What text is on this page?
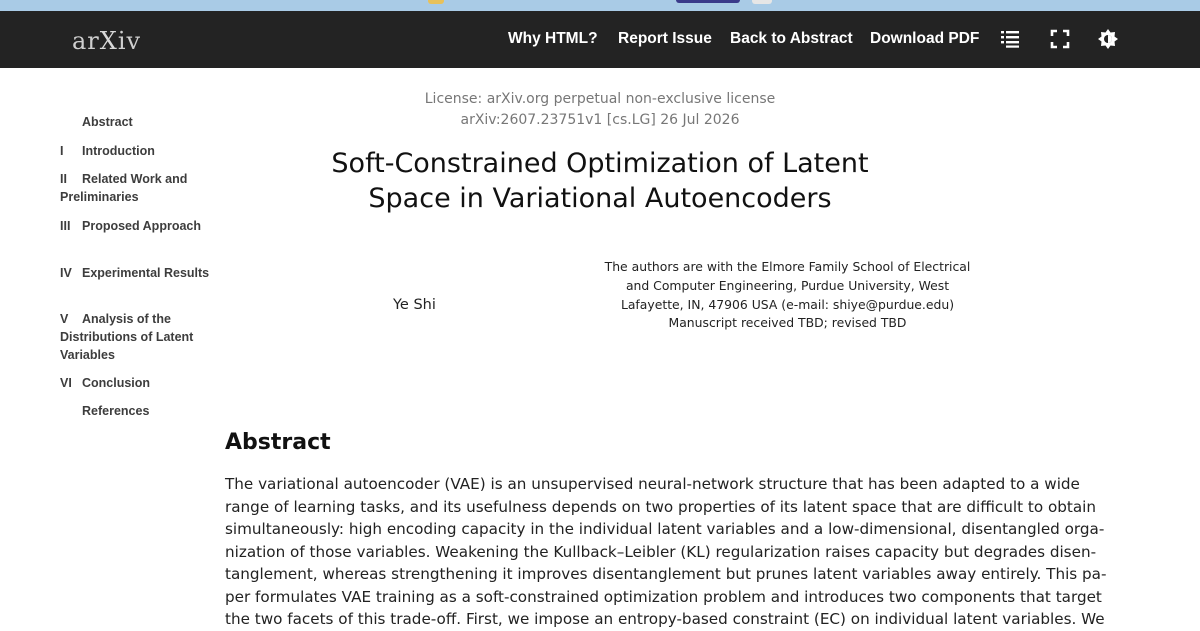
arXiv	Why HTML? Report Issue Back to Abstract Download PDF
Abstract
I Introduction
II Related Work and Preliminaries
III Proposed Approach
IV Experimental Results
V Analysis of the Distributions of Latent Variables
VI Conclusion
References
License: arXiv.org perpetual non-exclusive license
arXiv:2607.23751v1 [cs.LG] 26 Jul 2026
Soft-Constrained Optimization of Latent
Space in Variational Autoencoders
Ye Shi
The authors are with the Elmore Family School of Electrical
and Computer Engineering, Purdue University, West
Lafayette, IN, 47906 USA (e-mail: shiye@purdue.edu)
Manuscript received TBD; revised TBD
Abstract
The variational autoencoder (VAE) is an unsupervised neural-network structure that has been adapted to a wide
range of learning tasks, and its usefulness depends on two properties of its latent space that are difficult to obtain
simultaneously: high encoding capacity in the individual latent variables and a low-dimensional, disentangled orga-
nization of those variables. Weakening the Kullback–Leibler (KL) regularization raises capacity but degrades disen-
tanglement, whereas strengthening it improves disentanglement but prunes latent variables away entirely. This pa-
per formulates VAE training as a soft-constrained optimization problem and introduces two components that target
the two facets of this trade-off. First, we impose an entropy-based constraint (EC) on individual latent variables. We
